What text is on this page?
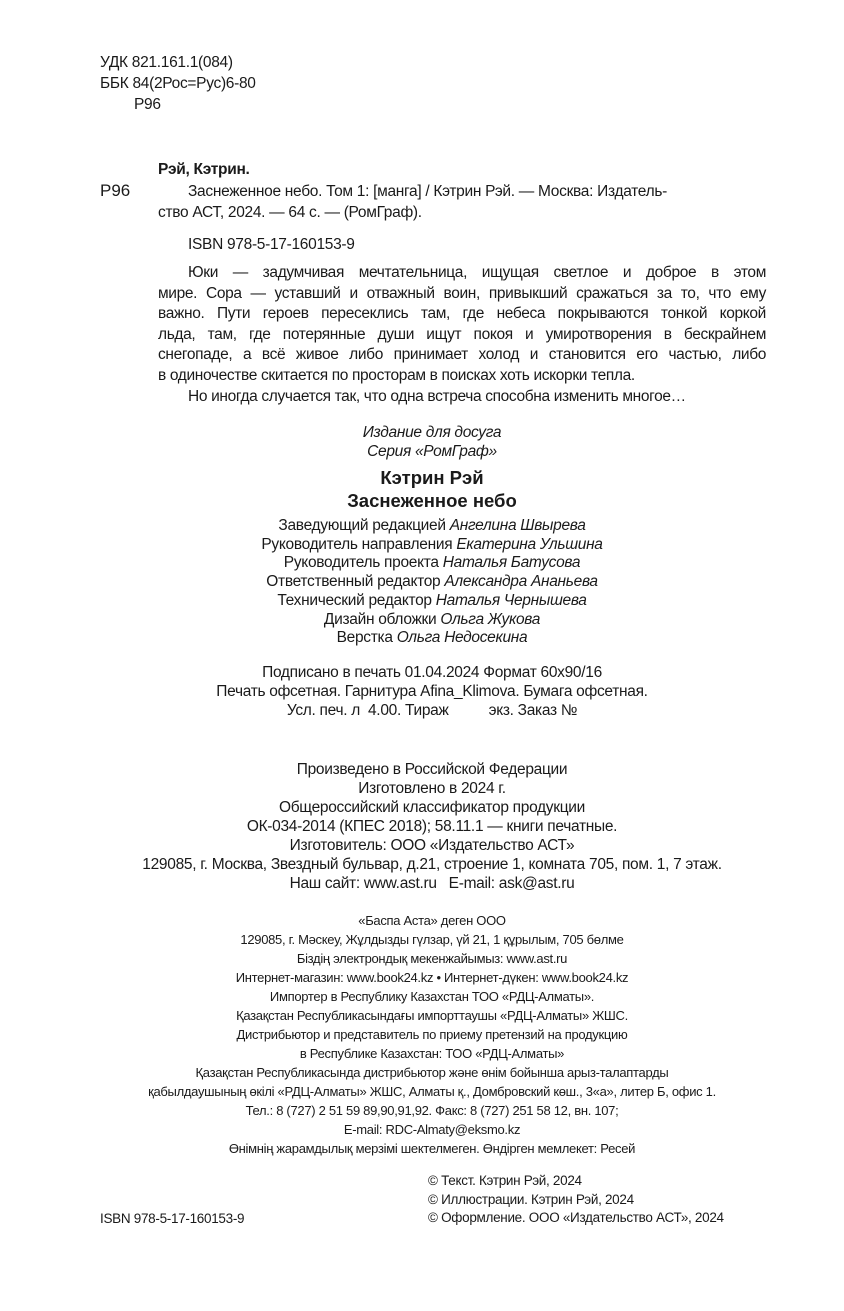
УДК 821.161.1(084)
ББК 84(2Рос=Рус)6-80
Р96
Рэй, Кэтрин.
Р96	Заснеженное небо. Том 1: [манга] / Кэтрин Рэй. — Москва: Издатель-
ство АСТ, 2024. — 64 с. — (РомГраф).
ISBN 978-5-17-160153-9
Юки — задумчивая мечтательница, ищущая светлое и доброе в этом
мире. Сора — уставший и отважный воин, привыкший сражаться за то, что ему
важно. Пути героев пересеклись там, где небеса покрываются тонкой коркой
льда, там, где потерянные души ищут покоя и умиротворения в бескрайнем
снегопаде, а всё живое либо принимает холод и становится его частью, либо
в одиночестве скитается по просторам в поисках хоть искорки тепла.
Но иногда случается так, что одна встреча способна изменить многое…
Издание для досуга
Серия «РомГраф»
Кэтрин Рэй
Заснеженное небо
Заведующий редакцией Ангелина Швырева
Руководитель направления Екатерина Ульшина
Руководитель проекта Наталья Батусова
Ответственный редактор Александра Ананьева
Технический редактор Наталья Чернышева
Дизайн обложки Ольга Жукова
Верстка Ольга Недосекина
Подписано в печать 01.04.2024 Формат 60x90/16
Печать офсетная. Гарнитура Afina_Klimova. Бумага офсетная.
Усл. печ. л  4.00. Тираж          экз. Заказ №
Произведено в Российской Федерации
Изготовлено в 2024 г.
Общероссийский классификатор продукции
ОК-034-2014 (КПЕС 2018); 58.11.1 — книги печатные.
Изготовитель: ООО «Издательство АСТ»
129085, г. Москва, Звездный бульвар, д.21, строение 1, комната 705, пом. 1, 7 этаж.
Наш сайт: www.ast.ru   E-mail: ask@ast.ru
«Баспа Аста» деген ООО
129085, г. Мәскеу, Жұлдызды гүлзар, үй 21, 1 құрылым, 705 бөлме
Біздің электрондық мекенжайымыз: www.ast.ru
Интернет-магазин: www.book24.kz • Интернет-дүкен: www.book24.kz
Импортер в Республику Казахстан ТОО «РДЦ-Алматы».
Қазақстан Республикасындағы импорттаушы «РДЦ-Алматы» ЖШС.
Дистрибьютор и представитель по приему претензий на продукцию
в Республике Казахстан: ТОО «РДЦ-Алматы»
Қазақстан Республикасында дистрибьютор және өнім бойынша арыз-талаптарды
қабылдаушының өкілі «РДЦ-Алматы» ЖШС, Алматы қ., Домбровский көш., 3«а», литер Б, офис 1.
Тел.: 8 (727) 2 51 59 89,90,91,92. Факс: 8 (727) 251 58 12, вн. 107;
E-mail: RDC-Almaty@eksmo.kz
Өнімнің жарамдылық мерзімі шектелмеген. Өндірген мемлекет: Ресей
© Текст. Кэтрин Рэй, 2024
© Иллюстрации. Кэтрин Рэй, 2024
© Оформление. ООО «Издательство АСТ», 2024
ISBN 978-5-17-160153-9
